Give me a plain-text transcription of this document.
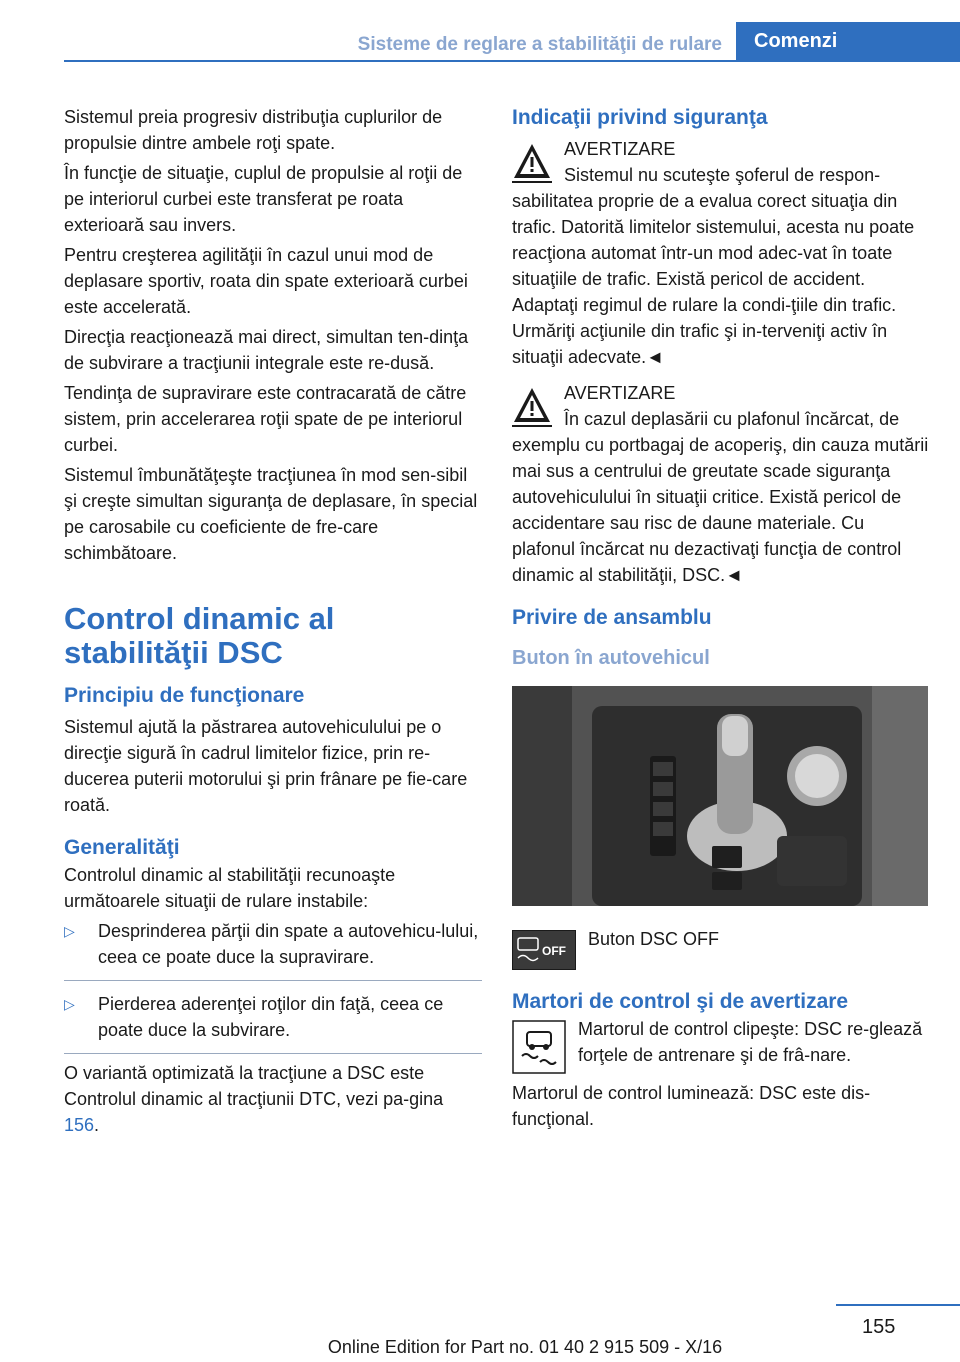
Sisteme de reglare a stabilităţii de rulare	Comenzi

Sistemul preia progresiv distribuţia cuplurilor de propulsie dintre ambele roţi spate.

În funcţie de situaţie, cuplul de propulsie al roţii de pe interiorul curbei este transferat pe roata exterioară sau invers.

Pentru creşterea agilităţii în cazul unui mod de deplasare sportiv, roata din spate exterioară curbei este accelerată.

Direcţia reacţionează mai direct, simultan ten-dinţa de subvirare a tracţiunii integrale este re-dusă.

Tendinţa de supravirare este contracarată de către sistem, prin accelerarea roţii spate de pe interiorul curbei.

Sistemul îmbunătăţeşte tracţiunea în mod sen-sibil şi creşte simultan siguranţa de deplasare, în special pe carosabile cu coeficiente de fre-care schimbătoare.

Control dinamic al stabilităţii DSC
Principiu de funcţionare

Sistemul ajută la păstrarea autovehiculului pe o direcţie sigură în cadrul limitelor fizice, prin re-ducerea puterii motorului şi prin frânare pe fie-care roată.

Generalităţi

Controlul dinamic al stabilităţii recunoaşte următoarele situaţii de rulare instabile:

▷ Desprinderea părţii din spate a autovehicu-lului, ceea ce poate duce la supravirare.
▷ Pierderea aderenţei roţilor din faţă, ceea ce poate duce la subvirare.

O variantă optimizată la tracţiune a DSC este Controlul dinamic al tracţiunii DTC, vezi pa-gina 156.

Indicaţii privind siguranţa
AVERTIZARE
Sistemul nu scuteşte şoferul de respon-sabilitatea proprie de a evalua corect situaţia din trafic. Datorită limitelor sistemului, acesta nu poate reacţiona automat într-un mod adec-vat în toate situaţiile de trafic. Există pericol de accident. Adaptaţi regimul de rulare la condi-ţiile din trafic. Urmăriţi acţiunile din trafic şi in-terveniţi activ în situaţii adecvate.◄
AVERTIZARE
În cazul deplasării cu plafonul încărcat, de exemplu cu portbagaj de acoperiş, din cauza mutării mai sus a centrului de greutate scade siguranţa autovehiculului în situaţii critice. Există pericol de accidentare sau risc de daune materiale. Cu plafonul încărcat nu dezactivaţi funcţia de control dinamic al stabilităţii, DSC.◄
Privire de ansamblu
Buton în autovehicul
OFF
Buton DSC OFF
Martori de control şi de avertizare
Martorul de control clipeşte: DSC re-glează forţele de antrenare şi de frâ-nare.

Martorul de control luminează: DSC este dis-funcţional.

155
Online Edition for Part no. 01 40 2 915 509 - X/16
